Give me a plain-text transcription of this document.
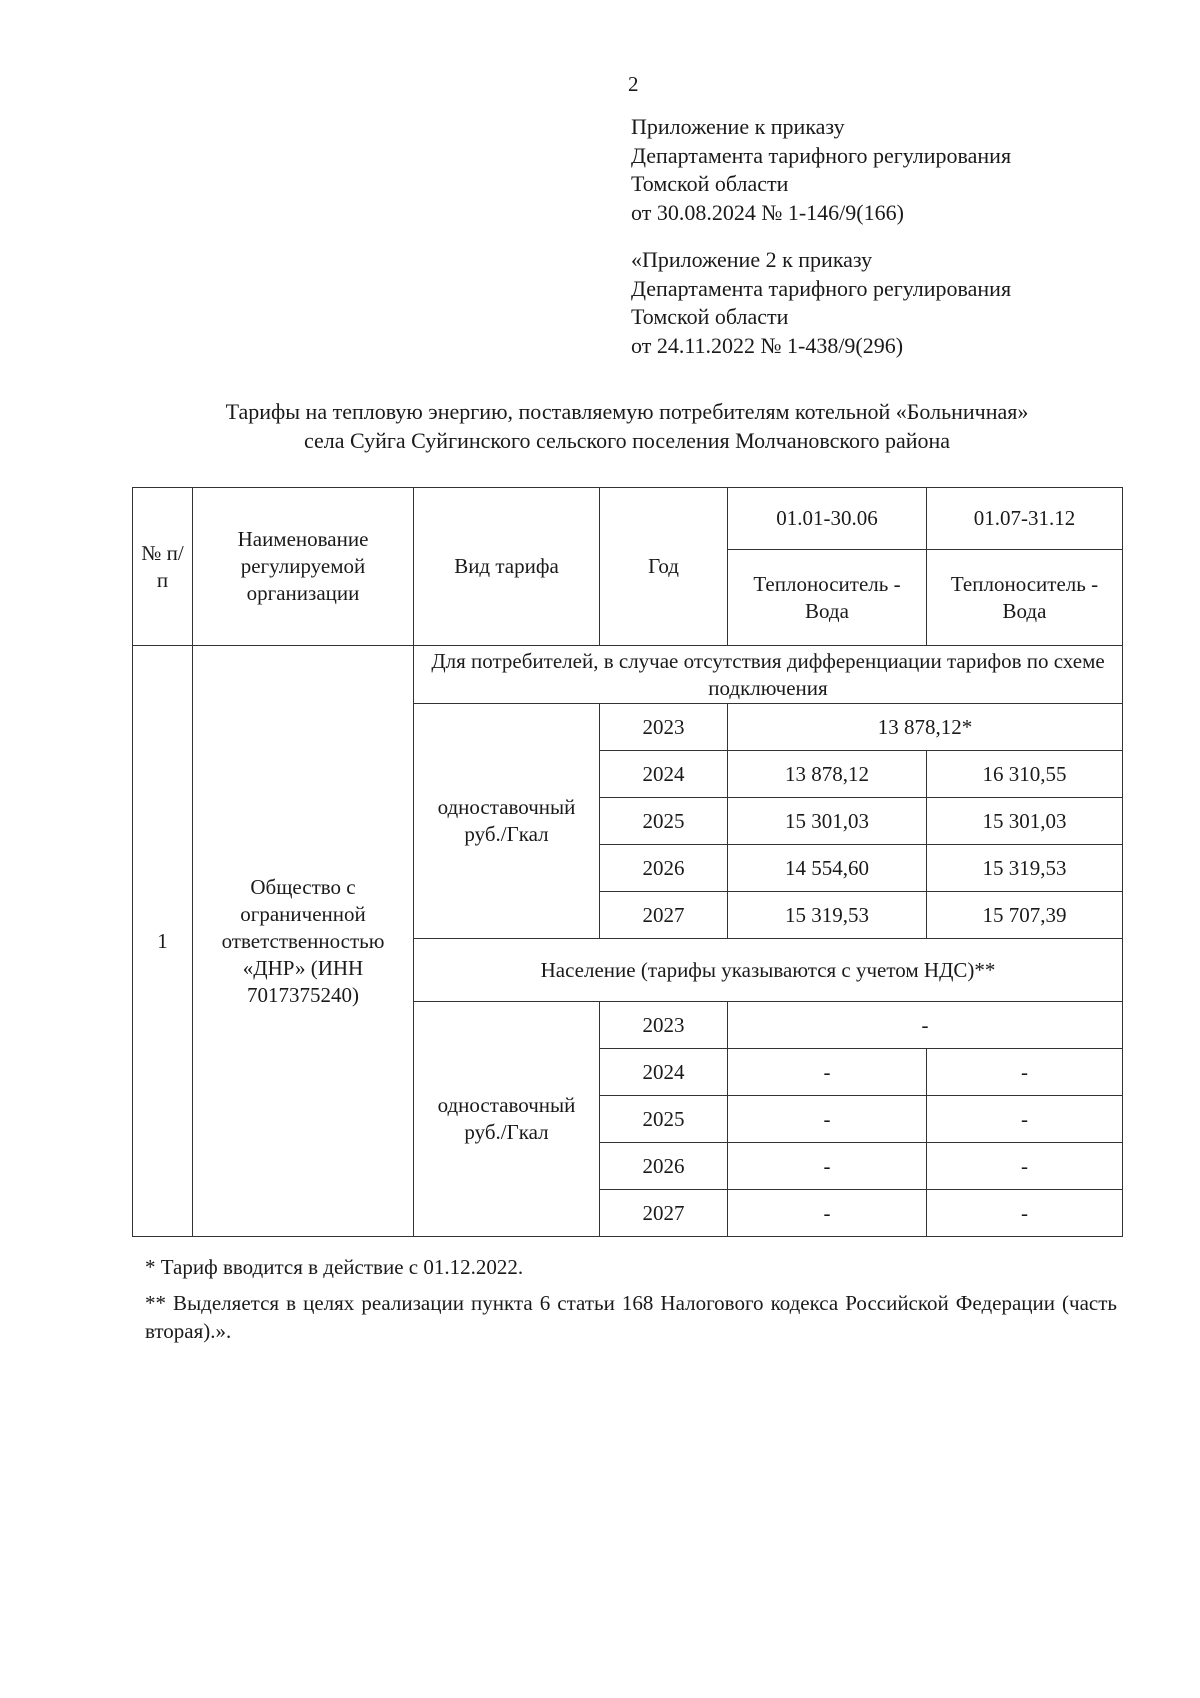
2
Приложение к приказу
Департамента тарифного регулирования
Томской области
от 30.08.2024 № 1-146/9(166)
«Приложение 2 к приказу
Департамента тарифного регулирования
Томской области
от 24.11.2022 № 1-438/9(296)
Тарифы на тепловую энергию, поставляемую потребителям котельной «Больничная»
села Суйга Суйгинского сельского поселения Молчановского района
№ п/п	Наименование регулируемой организации	Вид тарифа	Год	01.01-30.06	01.07-31.12
				Теплоноситель - Вода	Теплоноситель - Вода
1	Общество с ограниченной ответственностью «ДНР» (ИНН 7017375240)	Для потребителей, в случае отсутствия дифференциации тарифов по схеме подключения			
		одноставочный руб./Гкал	2023	13 878,12*	
			2024	13 878,12	16 310,55
			2025	15 301,03	15 301,03
			2026	14 554,60	15 319,53
			2027	15 319,53	15 707,39
		Население (тарифы указываются с учетом НДС)**			
		одноставочный руб./Гкал	2023	-	
			2024	-	-
			2025	-	-
			2026	-	-
			2027	-	-
* Тариф вводится в действие с 01.12.2022.
** Выделяется в целях реализации пункта 6 статьи 168 Налогового кодекса Российской Федерации (часть вторая).».
